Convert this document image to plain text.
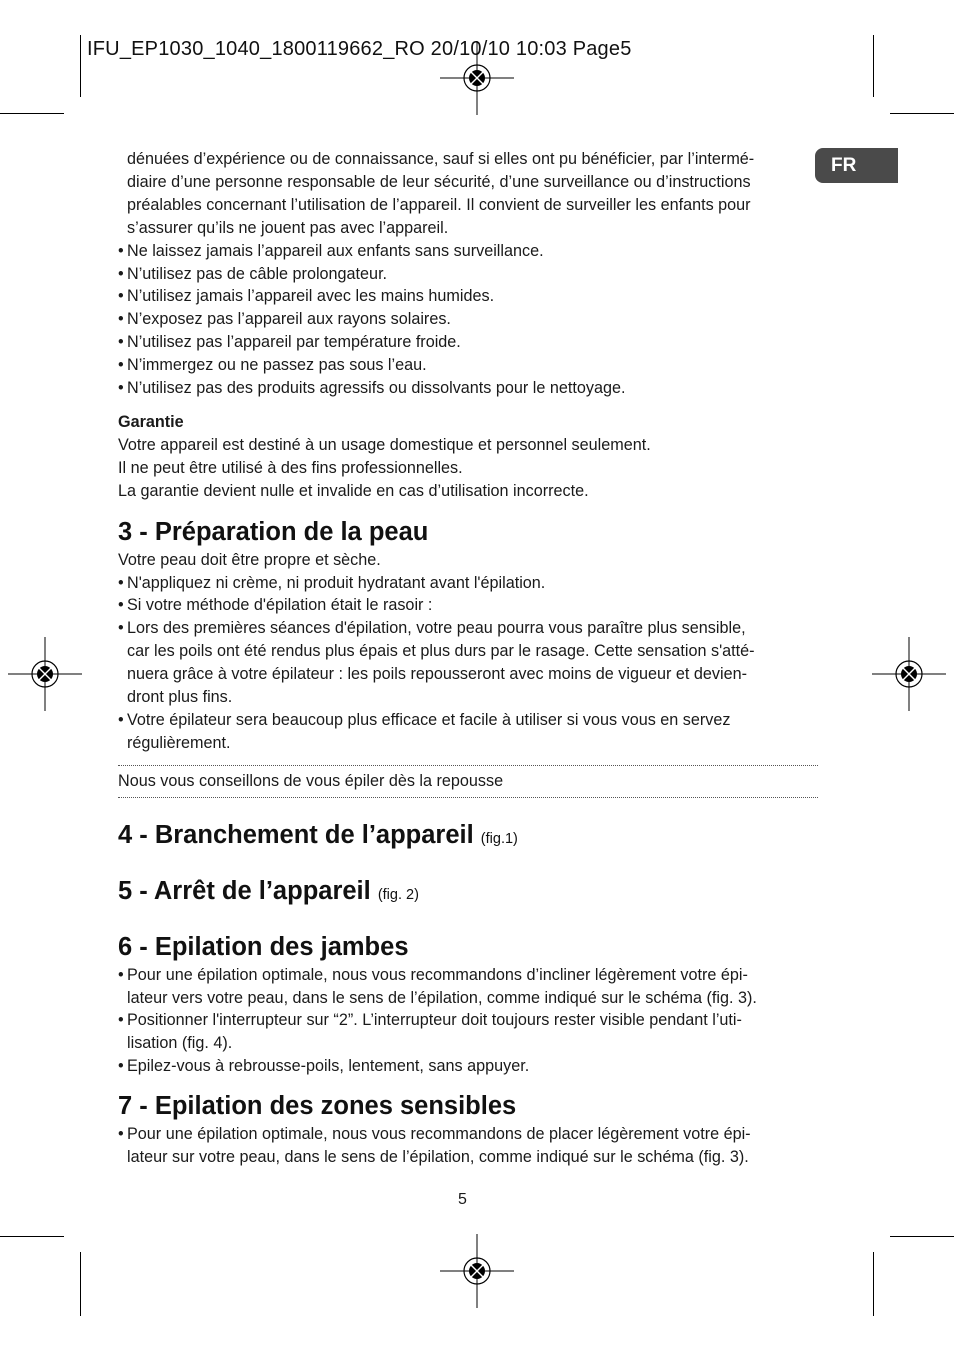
IFU_EP1030_1040_1800119662_RO 20/10/10 10:03 Page5
FR

dénuées d’expérience ou de connaissance, sauf si elles ont pu bénéficier, par l’intermé-

diaire d’une personne responsable de leur sécurité, d’une surveillance ou d’instructions

préalables concernant l’utilisation de l’appareil. Il convient de surveiller les enfants pour

s’assurer qu’ils ne jouent pas avec l’appareil.

• Ne laissez jamais l’appareil aux enfants sans surveillance.
• N’utilisez pas de câble prolongateur.
• N’utilisez jamais l’appareil avec les mains humides.
• N’exposez pas l’appareil aux rayons solaires.
• N’utilisez pas l’appareil par température froide.
• N’immergez ou ne passez pas sous l’eau.
• N’utilisez pas des produits agressifs ou dissolvants pour le nettoyage.

Garantie

Votre appareil est destiné à un usage domestique et personnel seulement.

Il ne peut être utilisé à des fins professionnelles.

La garantie devient nulle et invalide en cas d’utilisation incorrecte.

3 - Préparation de la peau

Votre peau doit être propre et sèche.

• N'appliquez ni crème, ni produit hydratant avant l'épilation.
• Si votre méthode d'épilation était le rasoir :
• Lors des premières séances d'épilation, votre peau pourra vous paraître plus sensible,
car les poils ont été rendus plus épais et plus durs par le rasage. Cette sensation s'atté-
nuera grâce à votre épilateur : les poils repousseront avec moins de vigueur et devien-
dront plus fins.
• Votre épilateur sera beaucoup plus efficace et facile à utiliser si vous vous en servez
régulièrement.

Nous vous conseillons de vous épiler dès la repousse

4 - Branchement de l’appareil (fig.1)
5 - Arrêt de l’appareil (fig. 2)
6 - Epilation des jambes
• Pour une épilation optimale, nous vous recommandons d’incliner légèrement votre épi-
lateur vers votre peau, dans le sens de l’épilation, comme indiqué sur le schéma (fig. 3).
• Positionner l'interrupteur sur “2”. L’interrupteur doit toujours rester visible pendant l’uti-
lisation (fig. 4).
• Epilez-vous à rebrousse-poils, lentement, sans appuyer.
7 - Epilation des zones sensibles
• Pour une épilation optimale, nous vous recommandons de placer légèrement votre épi-
lateur sur votre peau, dans le sens de l’épilation, comme indiqué sur le schéma (fig. 3).
5
